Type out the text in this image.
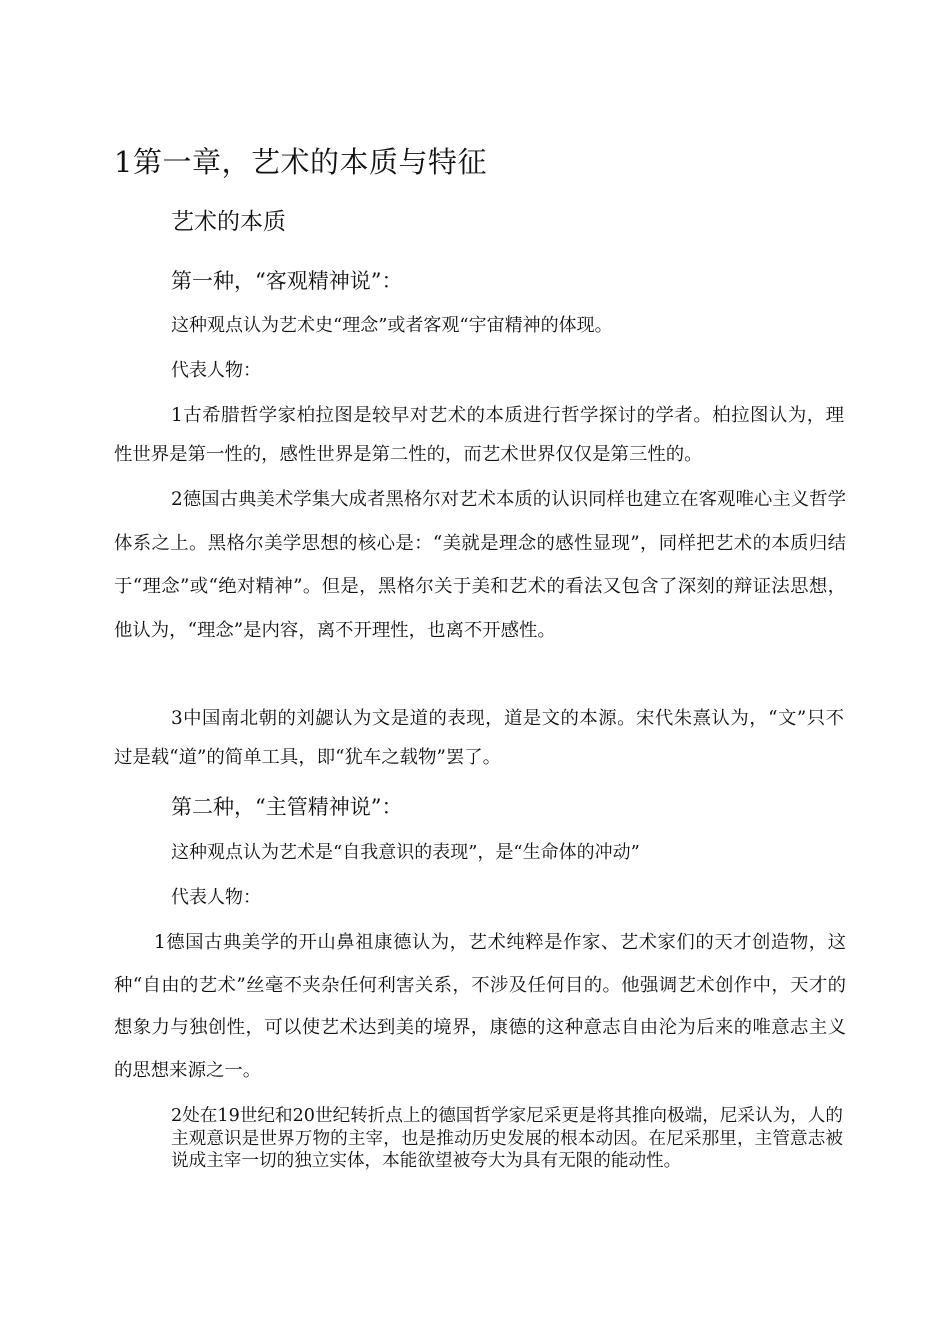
1第一章，艺术的本质与特征
艺术的本质
第一种，“客观精神说”：
这种观点认为艺术史“理念”或者客观“宇宙精神的体现。
代表人物：
1古希腊哲学家柏拉图是较早对艺术的本质进行哲学探讨的学者。柏拉图认为，理性世界是第一性的，感性世界是第二性的，而艺术世界仅仅是第三性的。
2德国古典美术学集大成者黑格尔对艺术本质的认识同样也建立在客观唯心主义哲学体系之上。黑格尔美学思想的核心是：“美就是理念的感性显现”，同样把艺术的本质归结于“理念”或“绝对精神”。但是，黑格尔关于美和艺术的看法又包含了深刻的辩证法思想，他认为，“理念”是内容，离不开理性，也离不开感性。
3中国南北朝的刘勰认为文是道的表现，道是文的本源。宋代朱熹认为，“文”只不过是载“道”的简单工具，即“犹车之载物”罢了。
第二种，“主管精神说”：
这种观点认为艺术是“自我意识的表现”，是“生命体的冲动”
代表人物：
1德国古典美学的开山鼻祖康德认为，艺术纯粹是作家、艺术家们的天才创造物，这种“自由的艺术”丝毫不夹杂任何利害关系，不涉及任何目的。他强调艺术创作中，天才的想象力与独创性，可以使艺术达到美的境界，康德的这种意志自由沦为后来的唯意志主义的思想来源之一。
2处在19世纪和20世纪转折点上的德国哲学家尼采更是将其推向极端，尼采认为，人的主观意识是世界万物的主宰，也是推动历史发展的根本动因。在尼采那里，主管意志被说成主宰一切的独立实体，本能欲望被夸大为具有无限的能动性。
